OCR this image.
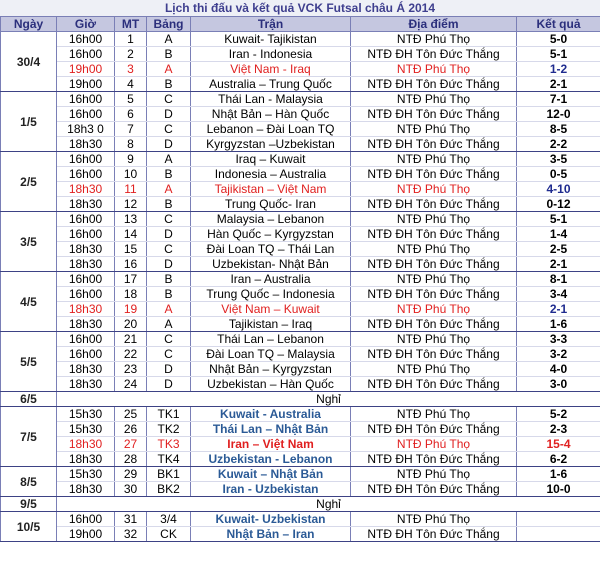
Lịch thi đấu và kết quả VCK Futsal châu Á 2014
Ngày	Giờ	MT	Bảng	Trận	Địa điểm	Kết quả
30/4	16h00	1	A	Kuwait- Tajikistan	NTĐ Phú Thọ	5-0
	16h00	2	B	Iran - Indonesia	NTĐ ĐH Tôn Đức Thắng	5-1
	19h00	3	A	Việt Nam - Iraq	NTĐ Phú Thọ	1-2
	19h00	4	B	Australia – Trung Quốc	NTĐ ĐH Tôn Đức Thắng	2-1
1/5	16h00	5	C	Thái Lan - Malaysia	NTĐ Phú Thọ	7-1
	16h00	6	D	Nhật Bản – Hàn Quốc	NTĐ ĐH Tôn Đức Thắng	12-0
	18h3 0	7	C	Lebanon – Đài Loan TQ	NTĐ Phú Thọ	8-5
	18h30	8	D	Kyrgyzstan –Uzbekistan	NTĐ ĐH Tôn Đức Thắng	2-2
2/5	16h00	9	A	Iraq – Kuwait	NTĐ Phú Thọ	3-5
	16h00	10	B	Indonesia – Australia	NTĐ ĐH Tôn Đức Thắng	0-5
	18h30	11	A	Tajikistan – Việt Nam	NTĐ Phú Thọ	4-10
	18h30	12	B	Trung Quốc- Iran	NTĐ ĐH Tôn Đức Thắng	0-12
3/5	16h00	13	C	Malaysia – Lebanon	NTĐ Phú Thọ	5-1
	16h00	14	D	Hàn Quốc – Kyrgyzstan	NTĐ ĐH Tôn Đức Thắng	1-4
	18h30	15	C	Đài Loan TQ – Thái Lan	NTĐ Phú Thọ	2-5
	18h30	16	D	Uzbekistan- Nhật Bản	NTĐ ĐH Tôn Đức Thắng	2-1
4/5	16h00	17	B	Iran – Australia	NTĐ Phú Thọ	8-1
	16h00	18	B	Trung Quốc – Indonesia	NTĐ ĐH Tôn Đức Thắng	3-4
	18h30	19	A	Việt Nam – Kuwait	NTĐ Phú Thọ	2-1
	18h30	20	A	Tajikistan – Iraq	NTĐ ĐH Tôn Đức Thắng	1-6
5/5	16h00	21	C	Thái Lan – Lebanon	NTĐ Phú Thọ	3-3
	16h00	22	C	Đài Loan TQ – Malaysia	NTĐ ĐH Tôn Đức Thắng	3-2
	18h30	23	D	Nhật Bản – Kyrgyzstan	NTĐ Phú Thọ	4-0
	18h30	24	D	Uzbekistan – Hàn Quốc	NTĐ ĐH Tôn Đức Thắng	3-0
6/5	Nghỉ					
7/5	15h30	25	TK1	Kuwait - Australia	NTĐ Phú Thọ	5-2
	15h30	26	TK2	Thái Lan – Nhật Bản	NTĐ ĐH Tôn Đức Thắng	2-3
	18h30	27	TK3	Iran – Việt Nam	NTĐ Phú Thọ	15-4
	18h30	28	TK4	Uzbekistan - Lebanon	NTĐ ĐH Tôn Đức Thắng	6-2
8/5	15h30	29	BK1	Kuwait – Nhật Bản	NTĐ Phú Thọ	1-6
	18h30	30	BK2	Iran - Uzbekistan	NTĐ ĐH Tôn Đức Thắng	10-0
9/5	Nghỉ					
10/5	16h00	31	3/4	Kuwait- Uzbekistan	NTĐ Phú Thọ	
	19h00	32	CK	Nhật Bản – Iran	NTĐ ĐH Tôn Đức Thắng	
